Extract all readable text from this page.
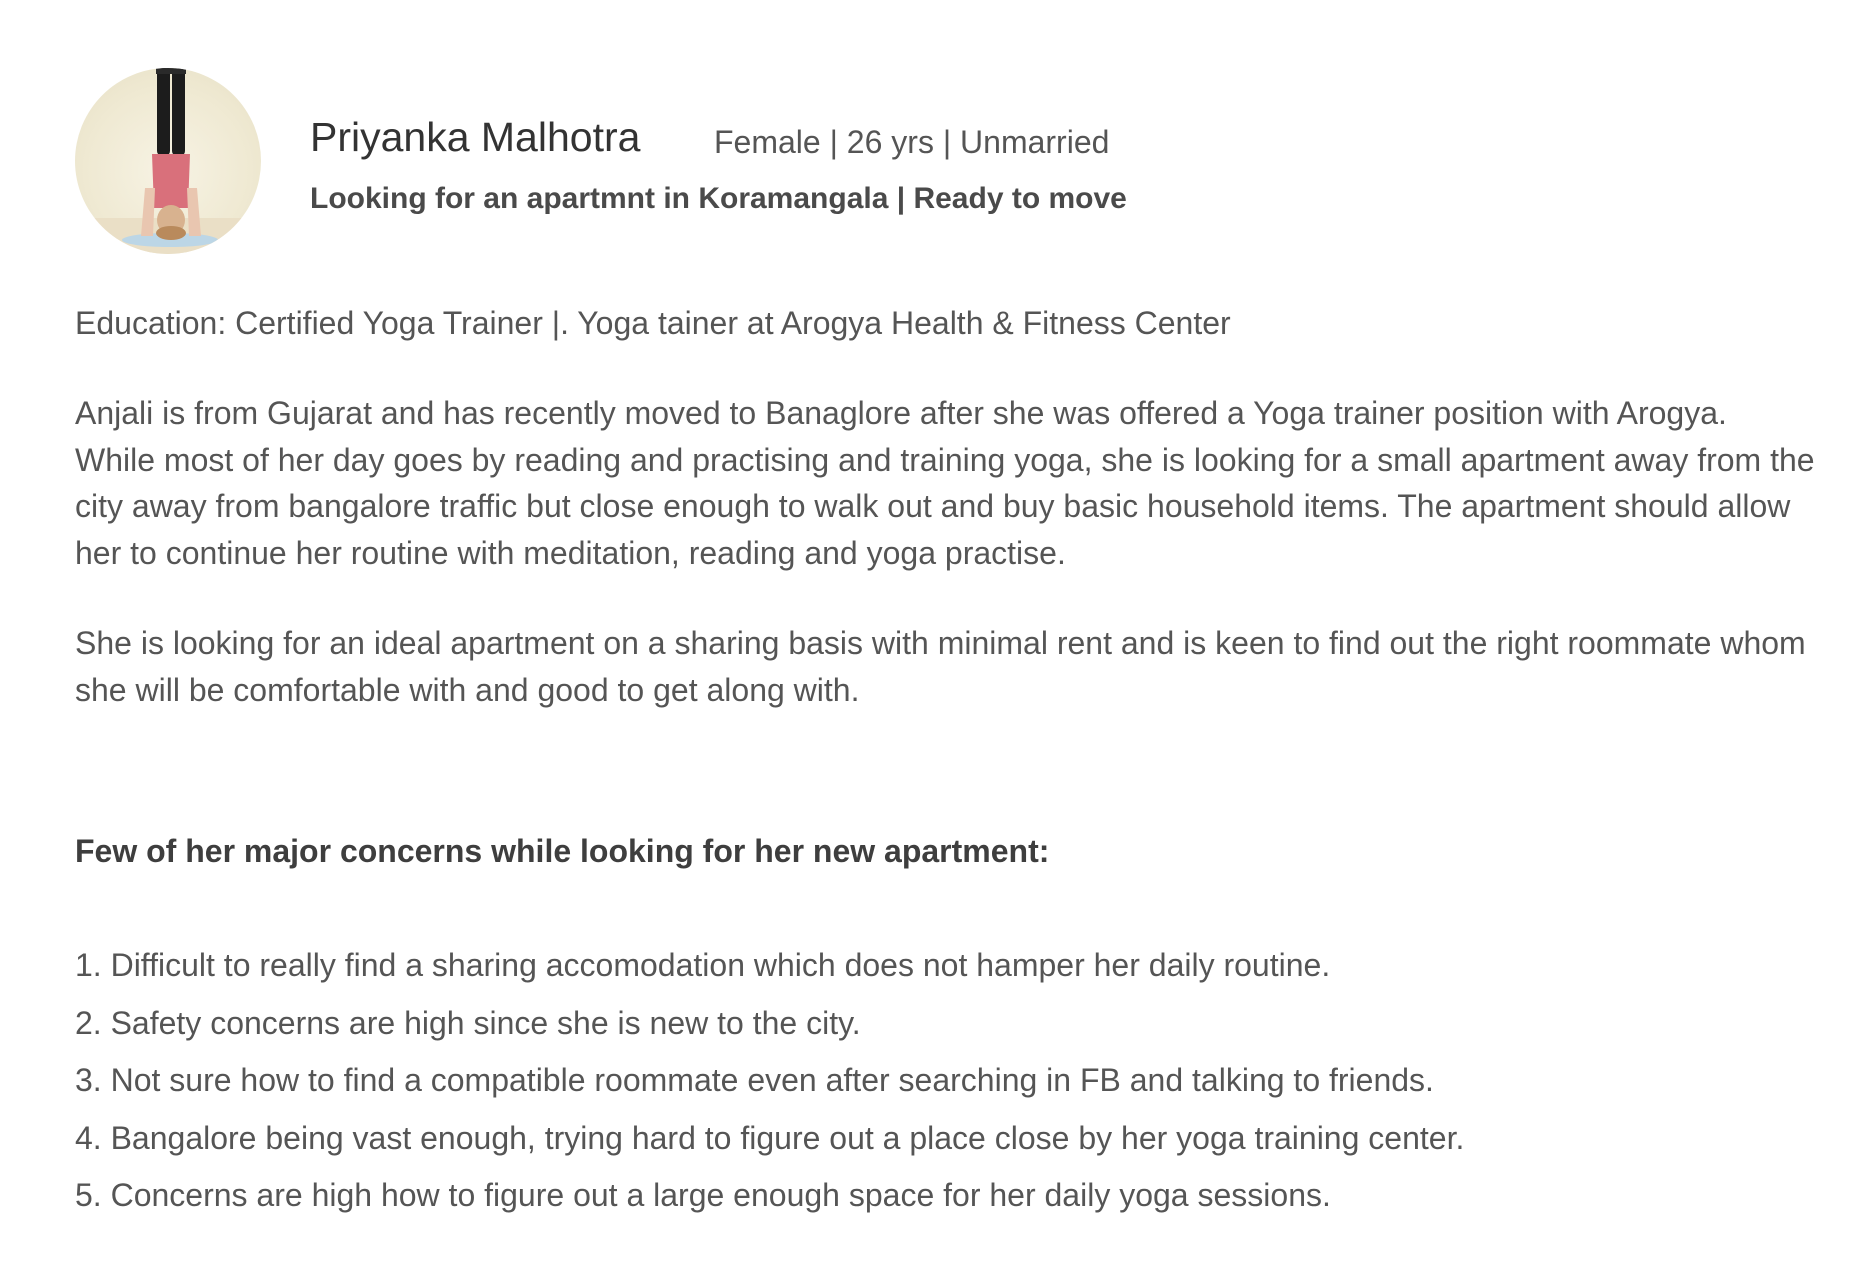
Priyanka Malhotra Female | 26 yrs | Unmarried
Looking for an apartmnt in Koramangala | Ready to move
Education: Certified Yoga Trainer |. Yoga tainer at Arogya Health & Fitness Center

Anjali is from Gujarat and has recently moved to Banaglore after she was offered a Yoga trainer position with Arogya. While most of her day goes by reading and practising and training yoga, she is looking for a small apartment away from the city away from bangalore traffic but close enough to walk out and buy basic household items. The apartment should allow her to continue her routine with meditation, reading and yoga practise.

She is looking for an ideal apartment on a sharing basis with minimal rent and is keen to find out the right roommate whom she will be comfortable with and good to get along with.

Few of her major concerns while looking for her new apartment:
1. Difficult to really find a sharing accomodation which does not hamper her daily routine.
2. Safety concerns are high since she is new to the city.
3. Not sure how to find a compatible roommate even after searching in FB and talking to friends.
4. Bangalore being vast enough, trying hard to figure out a place close by her yoga training center.
5. Concerns are high how to figure out a large enough space for her daily yoga sessions.
